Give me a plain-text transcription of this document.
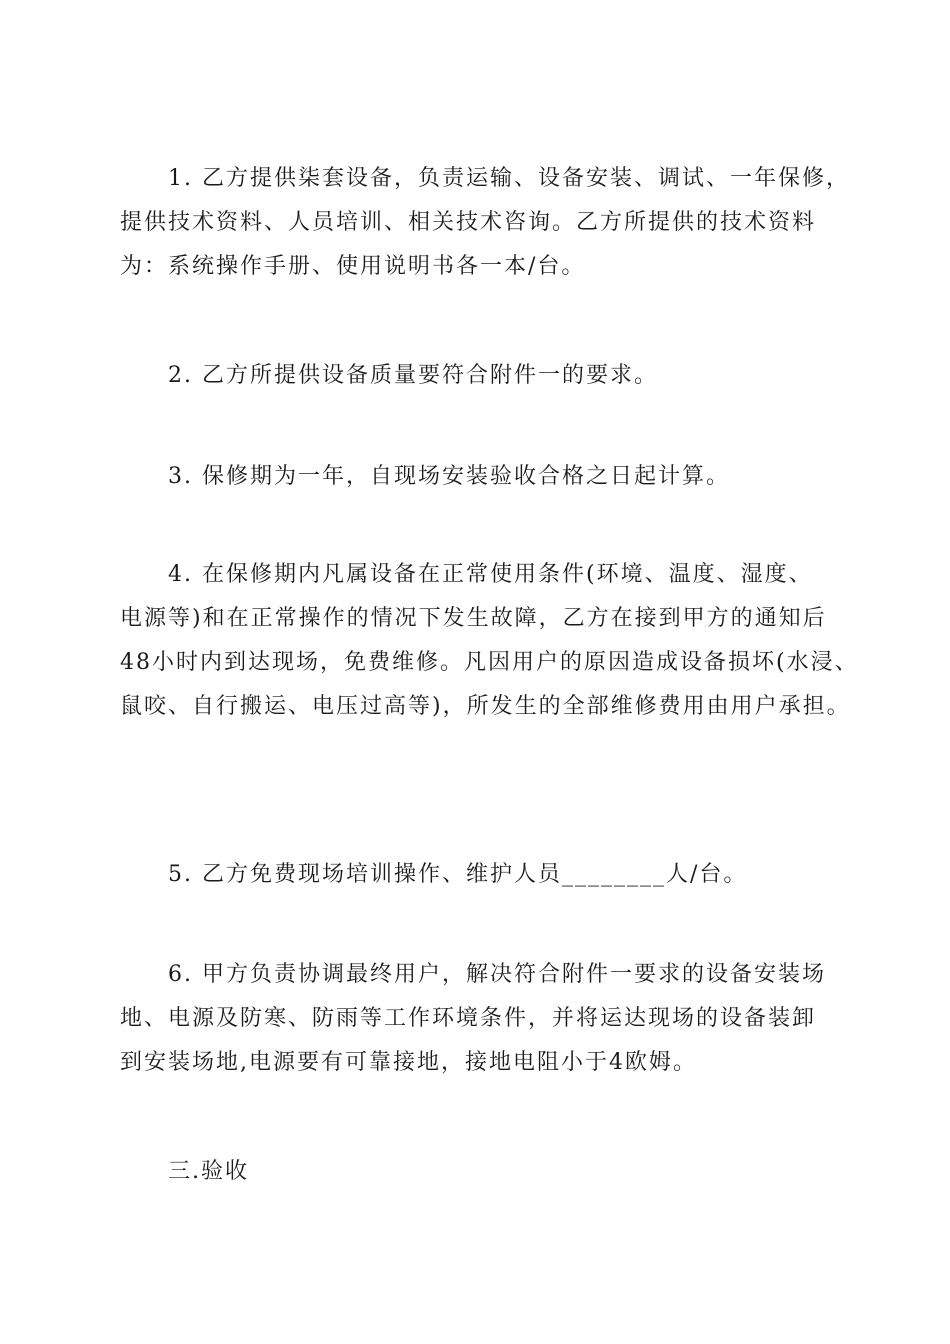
1. 乙方提供柒套设备，负责运输、设备安装、调试、一年保修，
提供技术资料、人员培训、相关技术咨询。乙方所提供的技术资料
为：系统操作手册、使用说明书各一本/台。
2. 乙方所提供设备质量要符合附件一的要求。
3. 保修期为一年，自现场安装验收合格之日起计算。
4. 在保修期内凡属设备在正常使用条件(环境、温度、湿度、
电源等)和在正常操作的情况下发生故障，乙方在接到甲方的通知后
48小时内到达现场，免费维修。凡因用户的原因造成设备损坏(水浸、
鼠咬、自行搬运、电压过高等)，所发生的全部维修费用由用户承担。
5. 乙方免费现场培训操作、维护人员________人/台。
6. 甲方负责协调最终用户，解决符合附件一要求的设备安装场
地、电源及防寒、防雨等工作环境条件，并将运达现场的设备装卸
到安装场地,电源要有可靠接地，接地电阻小于4欧姆。
三.验收
